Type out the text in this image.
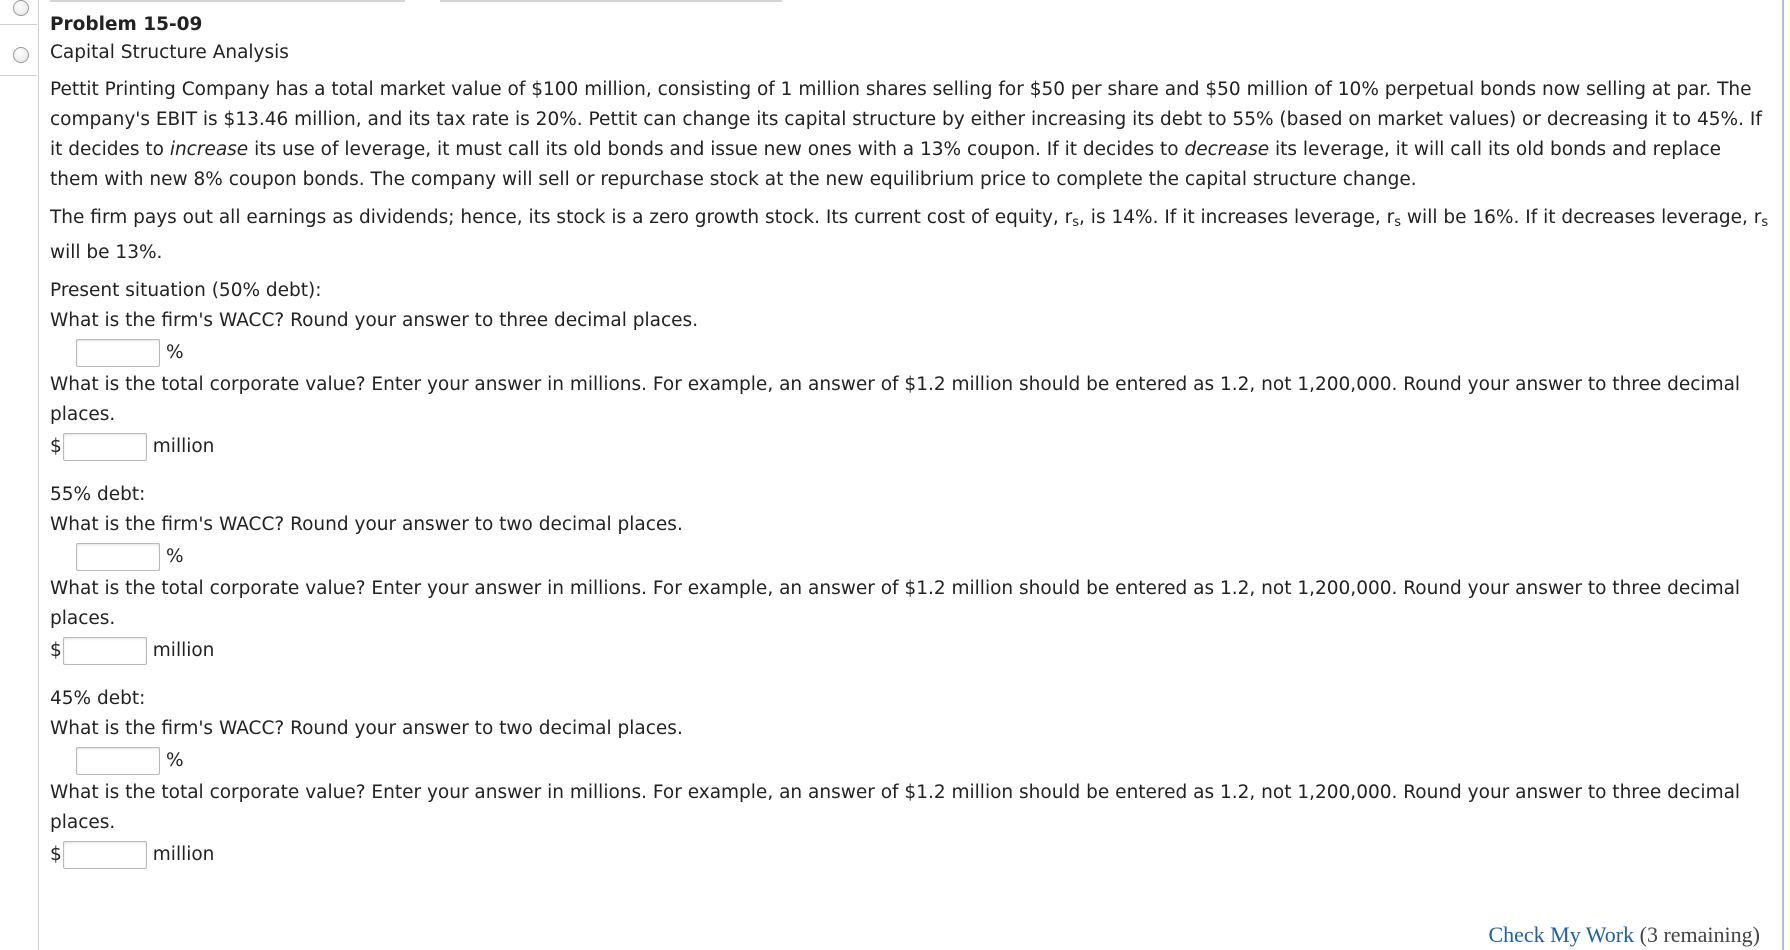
Problem 15-09
Capital Structure Analysis

Pettit Printing Company has a total market value of $100 million, consisting of 1 million shares selling for $50 per share and $50 million of 10% perpetual bonds now selling at par. The company's EBIT is $13.46 million, and its tax rate is 20%. Pettit can change its capital structure by either increasing its debt to 55% (based on market values) or decreasing it to 45%. If it decides to increase its use of leverage, it must call its old bonds and issue new ones with a 13% coupon. If it decides to decrease its leverage, it will call its old bonds and replace them with new 8% coupon bonds. The company will sell or repurchase stock at the new equilibrium price to complete the capital structure change.

The firm pays out all earnings as dividends; hence, its stock is a zero growth stock. Its current cost of equity, $r_s$, is 14%. If it increases leverage, $r_s$ will be 16%. If it decreases leverage, $r_s$ will be 13%.

Present situation (50% debt):
What is the firm's WACC? Round your answer to three decimal places.
%
What is the total corporate value? Enter your answer in millions. For example, an answer of $1.2 million should be entered as 1.2, not 1,200,000. Round your answer to three decimal places.
$	million
55% debt:
What is the firm's WACC? Round your answer to two decimal places.
%
What is the total corporate value? Enter your answer in millions. For example, an answer of $1.2 million should be entered as 1.2, not 1,200,000. Round your answer to three decimal places.
$	million
45% debt:
What is the firm's WACC? Round your answer to two decimal places.
%
What is the total corporate value? Enter your answer in millions. For example, an answer of $1.2 million should be entered as 1.2, not 1,200,000. Round your answer to three decimal places.
$	million
Check My Work (3 remaining)
